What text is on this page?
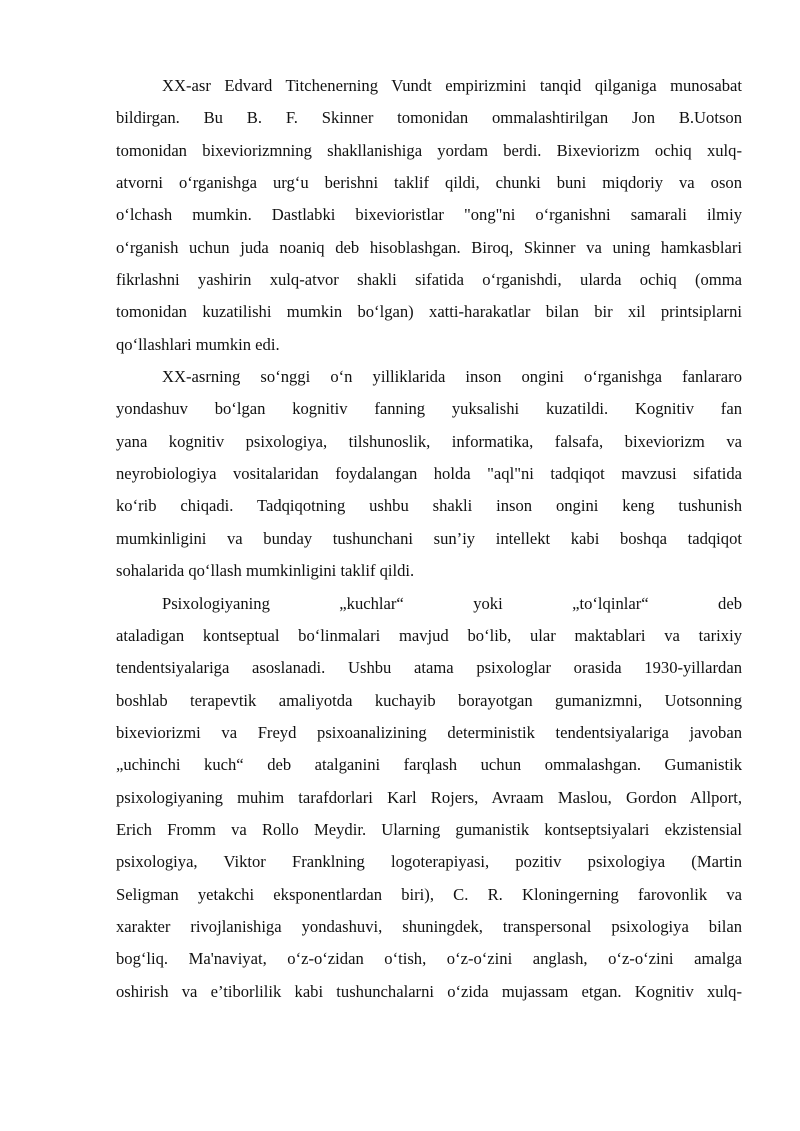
XX-asr Edvard Titchenerning Vundt empirizmini tanqid qilganiga munosabat
bildirgan. Bu B. F. Skinner tomonidan ommalashtirilgan Jon B.Uotson
tomonidan bixeviorizmning shakllanishiga yordam berdi. Bixeviorizm ochiq xulq-
atvorni o‘rganishga urg‘u berishni taklif qildi, chunki buni miqdoriy va oson
o‘lchash mumkin. Dastlabki bixevioristlar "ong"ni o‘rganishni samarali ilmiy
o‘rganish uchun juda noaniq deb hisoblashgan. Biroq, Skinner va uning hamkasblari
fikrlashni yashirin xulq-atvor shakli sifatida o‘rganishdi, ularda ochiq (omma
tomonidan kuzatilishi mumkin bo‘lgan) xatti-harakatlar bilan bir xil printsiplarni
qo‘llashlari mumkin edi.
XX-asrning so‘nggi o‘n yilliklarida inson ongini o‘rganishga fanlararo
yondashuv bo‘lgan kognitiv fanning yuksalishi kuzatildi. Kognitiv fan
yana kognitiv psixologiya, tilshunoslik, informatika, falsafa, bixeviorizm va
neyrobiologiya vositalaridan foydalangan holda "aql"ni tadqiqot mavzusi sifatida
ko‘rib chiqadi. Tadqiqotning ushbu shakli inson ongini keng tushunish
mumkinligini va bunday tushunchani sun’iy intellekt kabi boshqa tadqiqot
sohalarida qo‘llash mumkinligini taklif qildi.
Psixologiyaning „kuchlar“ yoki „to‘lqinlar“ deb
ataladigan kontseptual bo‘linmalari mavjud bo‘lib, ular maktablari va tarixiy
tendentsiyalariga asoslanadi. Ushbu atama psixologlar orasida 1930-yillardan
boshlab terapevtik amaliyotda kuchayib borayotgan gumanizmni, Uotsonning
bixeviorizmi va Freyd psixoanalizining deterministik tendentsiyalariga javoban
„uchinchi kuch“ deb atalganini farqlash uchun ommalashgan. Gumanistik
psixologiyaning muhim tarafdorlari Karl Rojers, Avraam Maslou, Gordon Allport,
Erich Fromm va Rollo Meydir. Ularning gumanistik kontseptsiyalari ekzistensial
psixologiya, Viktor Franklning logoterapiyasi, pozitiv psixologiya (Martin
Seligman yetakchi eksponentlardan biri), C. R. Kloningerning farovonlik va
xarakter rivojlanishiga yondashuvi, shuningdek, transpersonal psixologiya bilan
bog‘liq. Ma'naviyat, o‘z-o‘zidan o‘tish, o‘z-o‘zini anglash, o‘z-o‘zini amalga
oshirish va e’tiborlilik kabi tushunchalarni o‘zida mujassam etgan. Kognitiv xulq-
